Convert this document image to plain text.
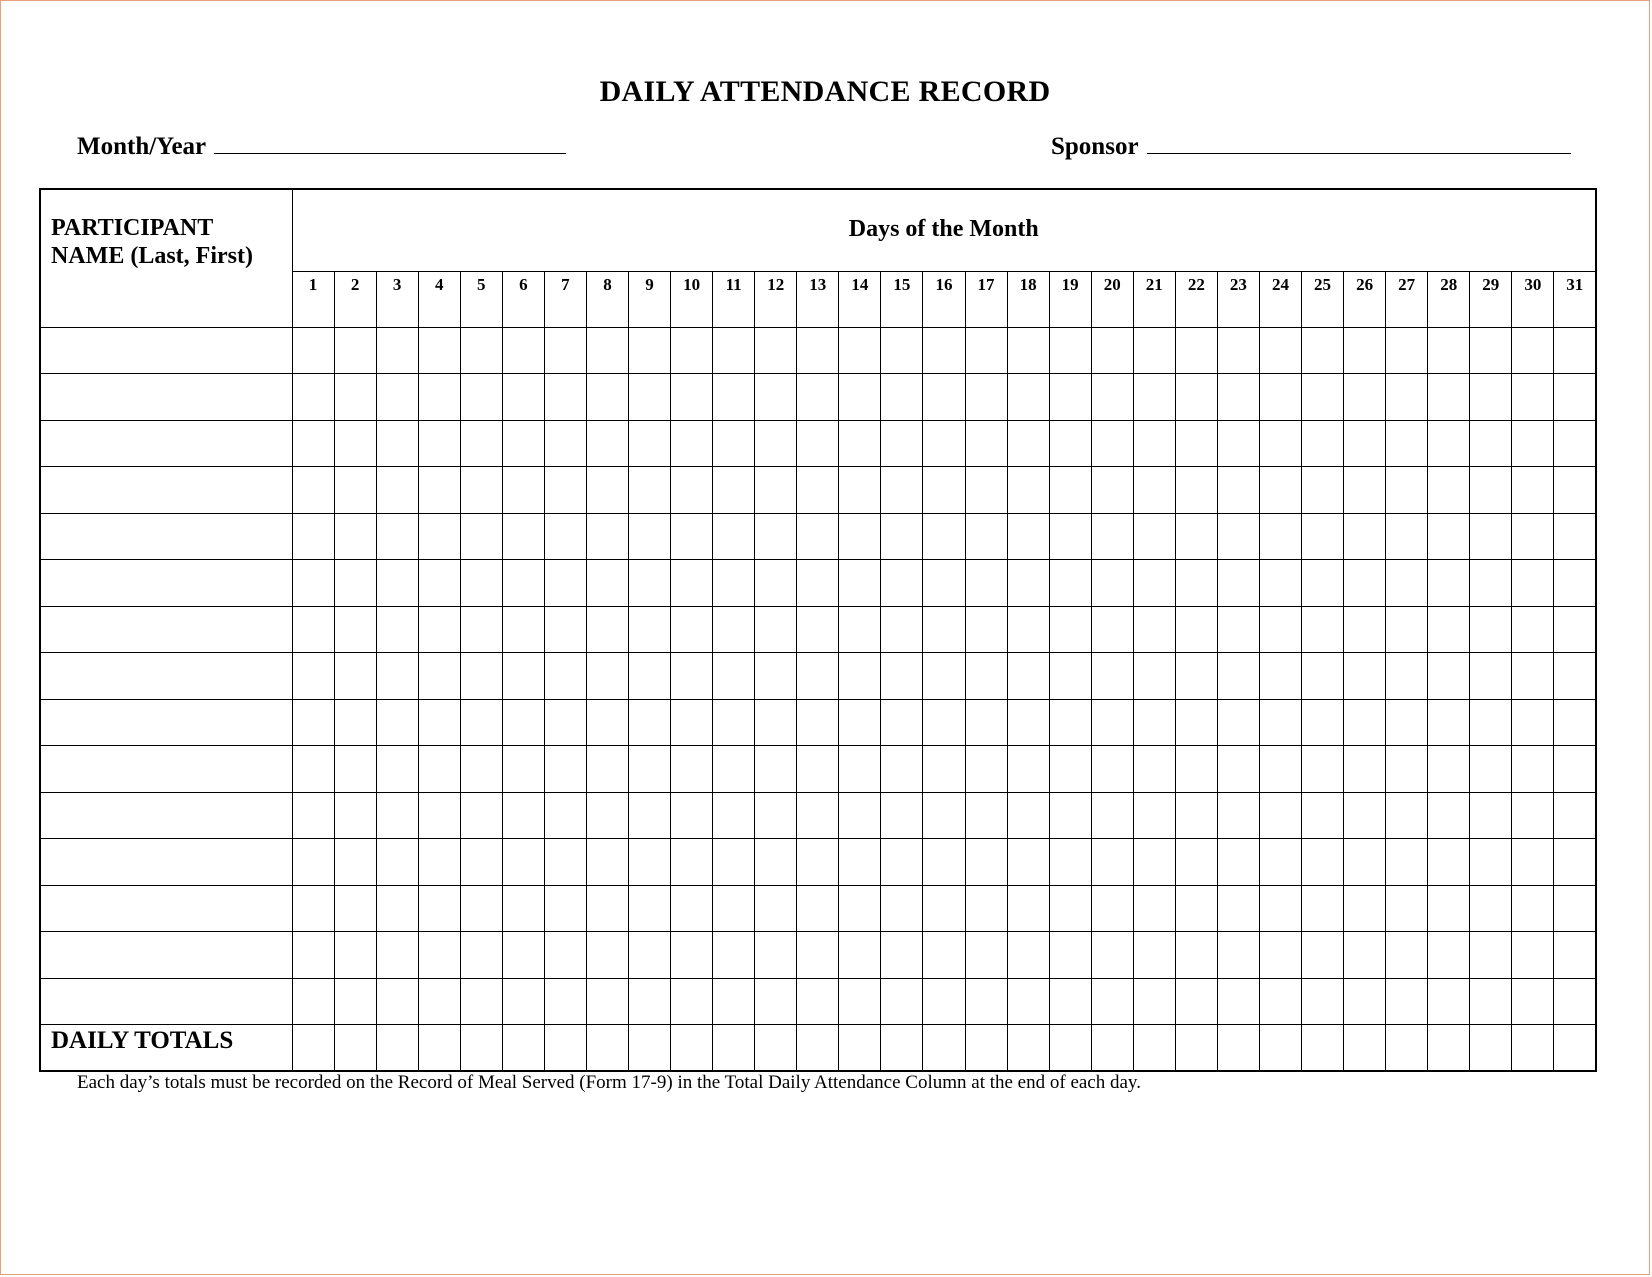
DAILY ATTENDANCE RECORD
Month/Year	Sponsor
PARTICIPANT
NAME (Last, First)	Days of the Month																														
	1	2	3	4	5	6	7	8	9	10	11	12	13	14	15	16	17	18	19	20	21	22	23	24	25	26	27	28	29	30	31

DAILY TOTALS																															
Each day’s totals must be recorded on the Record of Meal Served (Form 17-9) in the Total Daily Attendance Column at the end of each day.
